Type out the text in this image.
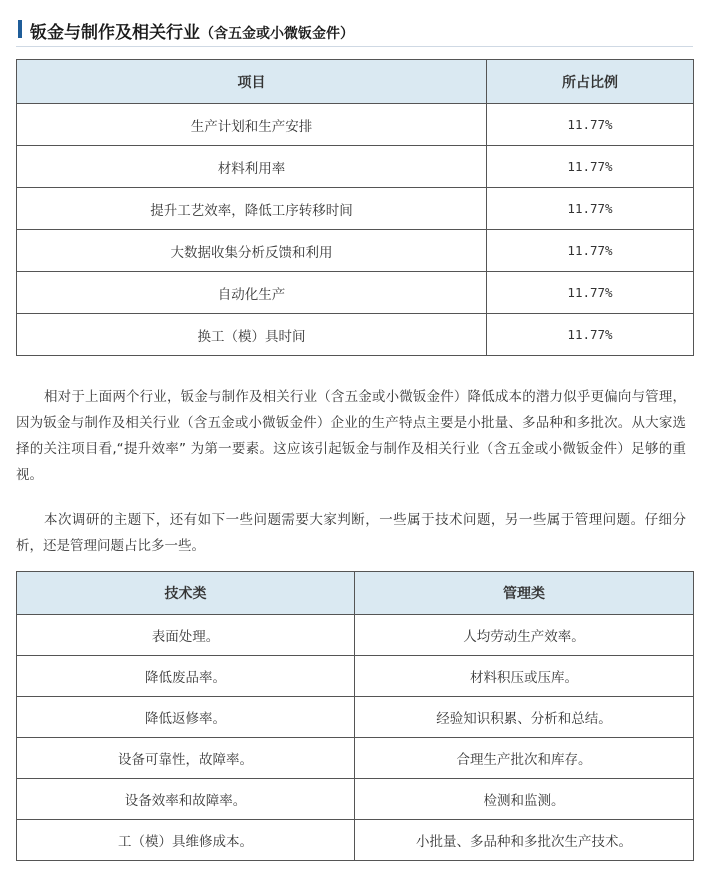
钣金与制作及相关行业（含五金或小微钣金件）
项目	所占比例
生产计划和生产安排	11.77%
材料利用率	11.77%
提升工艺效率，降低工序转移时间	11.77%
大数据收集分析反馈和利用	11.77%
自动化生产	11.77%
换工（模）具时间	11.77%

相对于上面两个行业，钣金与制作及相关行业（含五金或小微钣金件）降低成本的潜力似乎更偏向与管理，因为钣金与制作及相关行业（含五金或小微钣金件）企业的生产特点主要是小批量、多品种和多批次。从大家选择的关注项目看,“提升效率” 为第一要素。这应该引起钣金与制作及相关行业（含五金或小微钣金件）足够的重视。

本次调研的主题下，还有如下一些问题需要大家判断，一些属于技术问题，另一些属于管理问题。仔细分析，还是管理问题占比多一些。

技术类	管理类
表面处理。	人均劳动生产效率。
降低废品率。	材料积压或压库。
降低返修率。	经验知识积累、分析和总结。
设备可靠性，故障率。	合理生产批次和库存。
设备效率和故障率。	检测和监测。
工（模）具维修成本。	小批量、多品种和多批次生产技术。
